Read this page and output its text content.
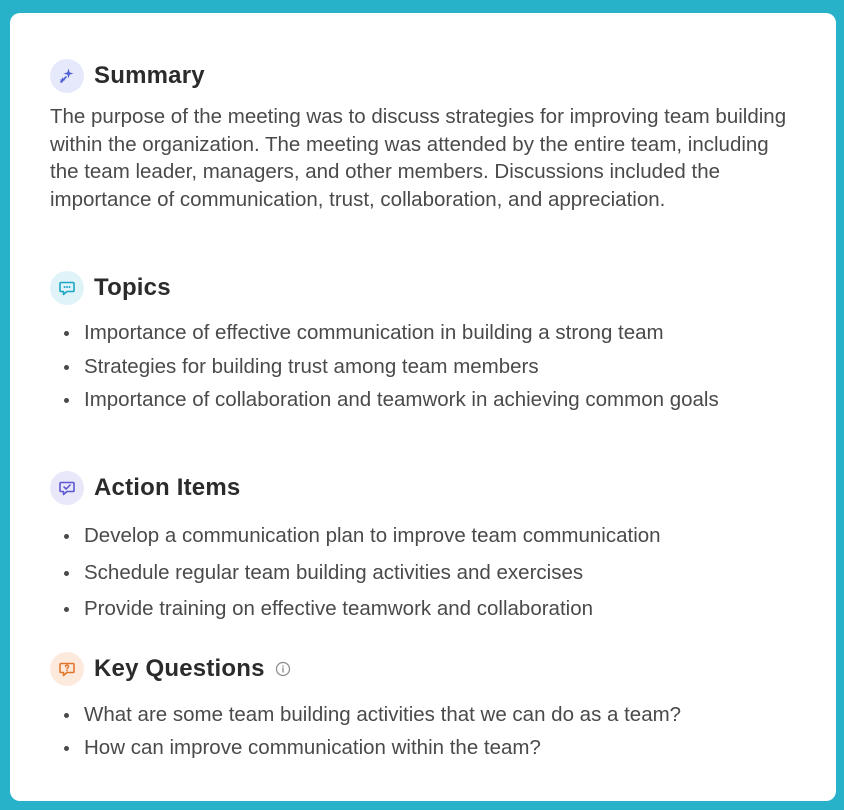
Summary

The purpose of the meeting was to discuss strategies for improving team building within the organization. The meeting was attended by the entire team, including the team leader, managers, and other members. Discussions included the importance of communication, trust, collaboration, and appreciation.

Topics
Importance of effective communication in building a strong team
Strategies for building trust among team members
Importance of collaboration and teamwork in achieving common goals
Action Items
Develop a communication plan to improve team communication
Schedule regular team building activities and exercises
Provide training on effective teamwork and collaboration
Key Questions
What are some team building activities that we can do as a team?
How can improve communication within the team?
